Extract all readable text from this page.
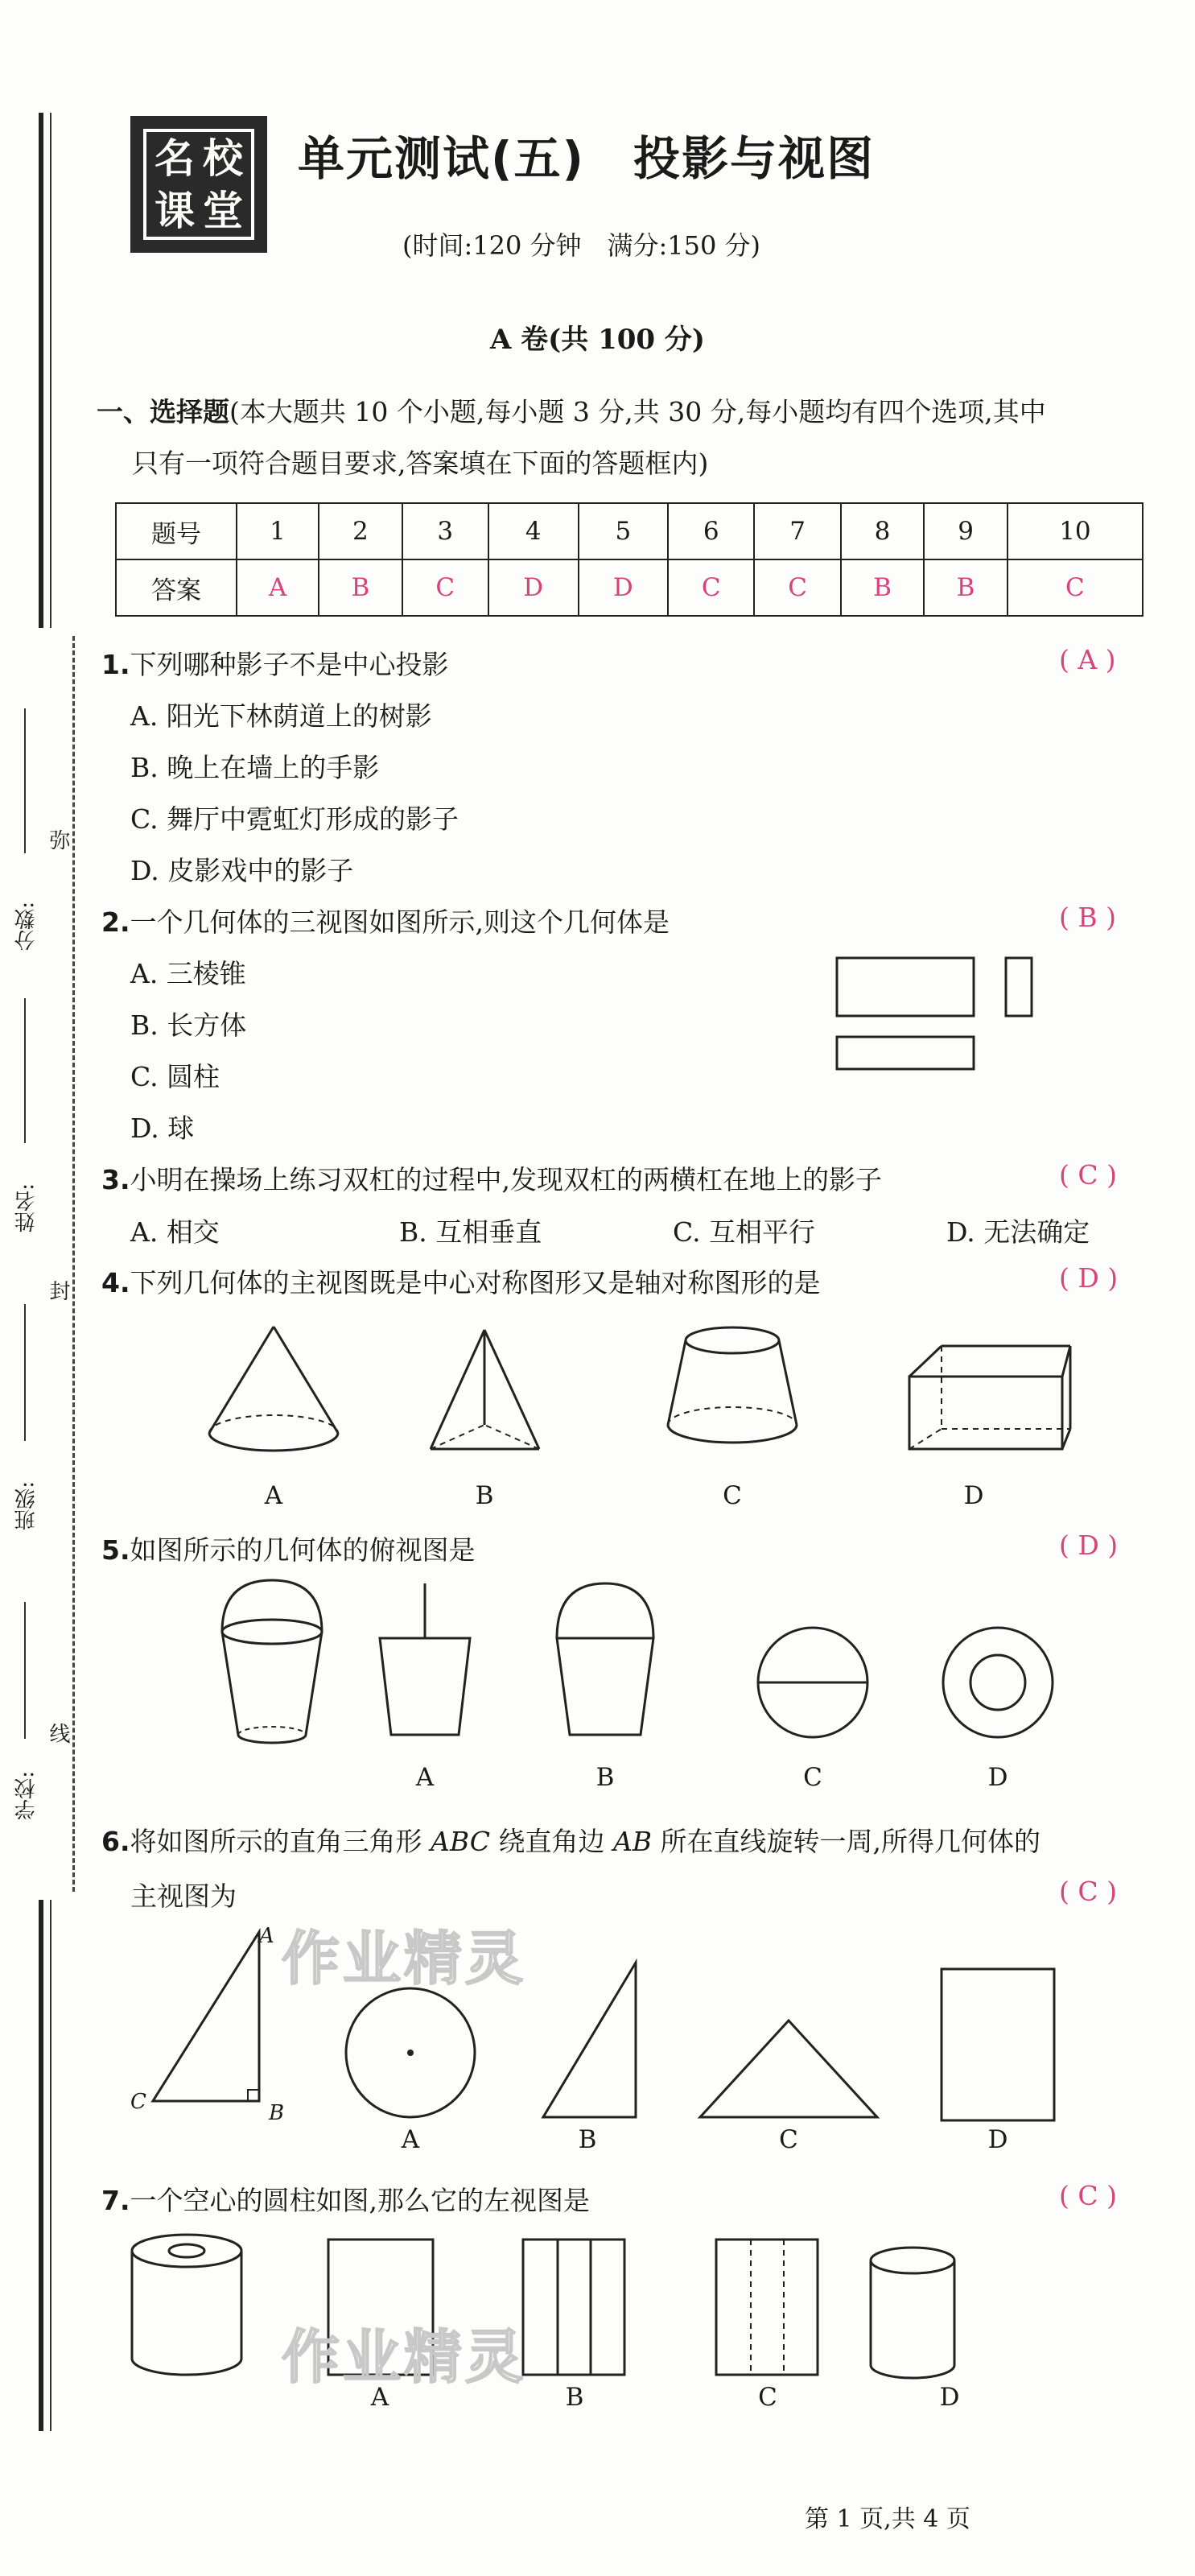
分数:
姓名:
班级:
学校:
弥
封
线
名 校
课 堂
单元测试(五)　投影与视图
(时间:120 分钟　满分:150 分)
A 卷(共 100 分)
一、选择题(本大题共 10 个小题,每小题 3 分,共 30 分,每小题均有四个选项,其中
只有一项符合题目要求,答案填在下面的答题框内)
题号	1	2	3	4	5	6	7	8	9	10
答案	A	B	C	D	D	C	C	B	B	C
1.下列哪种影子不是中心投影	( A )
A. 阳光下林荫道上的树影
B. 晚上在墙上的手影
C. 舞厅中霓虹灯形成的影子
D. 皮影戏中的影子
2.一个几何体的三视图如图所示,则这个几何体是	( B )
A. 三棱锥
B. 长方体
C. 圆柱
D. 球
3.小明在操场上练习双杠的过程中,发现双杠的两横杠在地上的影子	( C )
A. 相交	B. 互相垂直	C. 互相平行	D. 无法确定
4.下列几何体的主视图既是中心对称图形又是轴对称图形的是	( D )
A	B	C	D
5.如图所示的几何体的俯视图是	( D )
A	B	C	D
6.将如图所示的直角三角形 ABC 绕直角边 AB 所在直线旋转一周,所得几何体的
主视图为	( C )
A
B
C
A	B	C	D
7.一个空心的圆柱如图,那么它的左视图是	( C )
A	B	C	D
作业精灵
作业精灵
第 1 页,共 4 页
